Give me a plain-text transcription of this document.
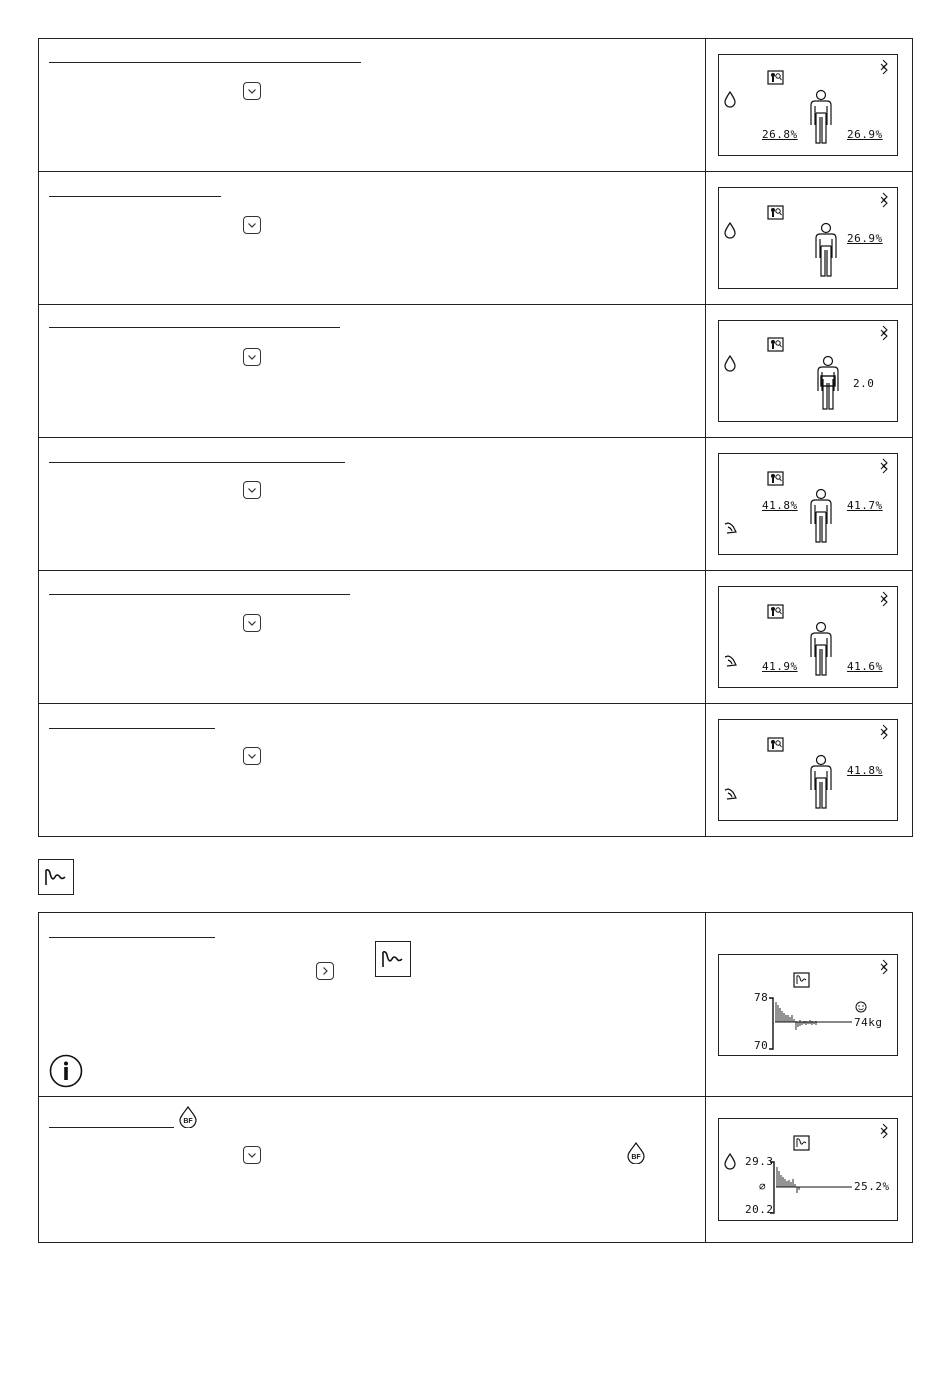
26.8%	26.9%
26.9%
2.0
41.8%	41.7%
41.9%	41.6%
41.8%
78
70
74kg
BF
BF	29.3
⌀
20.2
25.2%
